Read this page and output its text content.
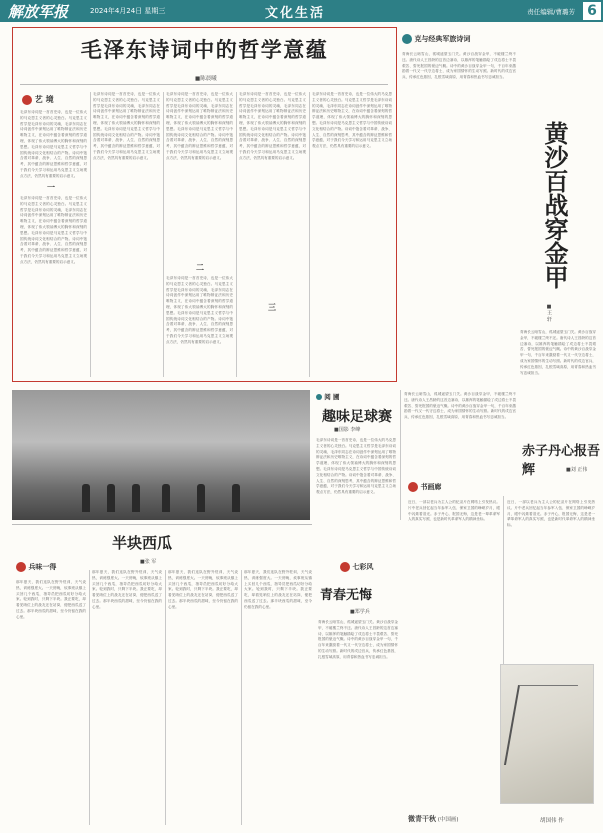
解放军报	2024年4月24日 星期三	文化生活	责任编辑/曹璐芳 6
毛泽东诗词中的哲学意蕴
■陈晨曦
艺 境
毛泽东诗词是一首首史诗，也是一位伟大的马克思主义者的心灵独白。马克思主义哲学是毛泽东诗词的灵魂，毛泽东同志在诗词创作中深刻运用了唯物辩证法和历史唯物主义，在诗词中蕴含着深刻的哲学道理，体现了伟大领袖博大的胸怀和深刻的思想。毛泽东诗词是马克思主义哲学与中国传统诗词文化相结合的产物。诗词中饱含着对革命、战争、人生、自然的深刻思考，其中蕴含的辩证思维和哲学意蕴，对于我们今天学习和运用马克思主义立场观点方法，仍然具有重要的启示意义。
一
毛泽东诗词是一首首史诗，也是一位伟大的马克思主义者的心灵独白。马克思主义哲学是毛泽东诗词的灵魂，毛泽东同志在诗词创作中深刻运用了唯物辩证法和历史唯物主义，在诗词中蕴含着深刻的哲学道理，体现了伟大领袖博大的胸怀和深刻的思想。毛泽东诗词是马克思主义哲学与中国传统诗词文化相结合的产物。诗词中饱含着对革命、战争、人生、自然的深刻思考，其中蕴含的辩证思维和哲学意蕴，对于我们今天学习和运用马克思主义立场观点方法，仍然具有重要的启示意义。
毛泽东诗词是一首首史诗，也是一位伟大的马克思主义者的心灵独白。马克思主义哲学是毛泽东诗词的灵魂，毛泽东同志在诗词创作中深刻运用了唯物辩证法和历史唯物主义，在诗词中蕴含着深刻的哲学道理，体现了伟大领袖博大的胸怀和深刻的思想。毛泽东诗词是马克思主义哲学与中国传统诗词文化相结合的产物。诗词中饱含着对革命、战争、人生、自然的深刻思考，其中蕴含的辩证思维和哲学意蕴，对于我们今天学习和运用马克思主义立场观点方法，仍然具有重要的启示意义。
毛泽东诗词是一首首史诗，也是一位伟大的马克思主义者的心灵独白。马克思主义哲学是毛泽东诗词的灵魂，毛泽东同志在诗词创作中深刻运用了唯物辩证法和历史唯物主义，在诗词中蕴含着深刻的哲学道理，体现了伟大领袖博大的胸怀和深刻的思想。毛泽东诗词是马克思主义哲学与中国传统诗词文化相结合的产物。诗词中饱含着对革命、战争、人生、自然的深刻思考，其中蕴含的辩证思维和哲学意蕴，对于我们今天学习和运用马克思主义立场观点方法，仍然具有重要的启示意义。
二
毛泽东诗词是一首首史诗，也是一位伟大的马克思主义者的心灵独白。马克思主义哲学是毛泽东诗词的灵魂，毛泽东同志在诗词创作中深刻运用了唯物辩证法和历史唯物主义，在诗词中蕴含着深刻的哲学道理，体现了伟大领袖博大的胸怀和深刻的思想。毛泽东诗词是马克思主义哲学与中国传统诗词文化相结合的产物。诗词中饱含着对革命、战争、人生、自然的深刻思考，其中蕴含的辩证思维和哲学意蕴，对于我们今天学习和运用马克思主义立场观点方法，仍然具有重要的启示意义。
毛泽东诗词是一首首史诗，也是一位伟大的马克思主义者的心灵独白。马克思主义哲学是毛泽东诗词的灵魂，毛泽东同志在诗词创作中深刻运用了唯物辩证法和历史唯物主义，在诗词中蕴含着深刻的哲学道理，体现了伟大领袖博大的胸怀和深刻的思想。毛泽东诗词是马克思主义哲学与中国传统诗词文化相结合的产物。诗词中饱含着对革命、战争、人生、自然的深刻思考，其中蕴含的辩证思维和哲学意蕴，对于我们今天学习和运用马克思主义立场观点方法，仍然具有重要的启示意义。
三
毛泽东诗词是一首首史诗，也是一位伟大的马克思主义者的心灵独白。马克思主义哲学是毛泽东诗词的灵魂，毛泽东同志在诗词创作中深刻运用了唯物辩证法和历史唯物主义，在诗词中蕴含着深刻的哲学道理，体现了伟大领袖博大的胸怀和深刻的思想。毛泽东诗词是马克思主义哲学与中国传统诗词文化相结合的产物。诗词中饱含着对革命、战争、人生、自然的深刻思考，其中蕴含的辩证思维和哲学意蕴，对于我们今天学习和运用马克思主义立场观点方法，仍然具有重要的启示意义。
克与经典军旅诗词
青海长云暗雪山，孤城遥望玉门关。黄沙百战穿金甲，不破楼兰终不还。唐代诗人王昌龄的这首边塞诗，以雄浑的笔触描绘了戍边将士不畏艰苦、誓死报国的豪迈气概。诗中的黄沙百战穿金甲一句，千百年来激励着一代又一代守边将士，成为家国情怀的生动写照。新时代的戍边官兵，传承红色基因，扎根雪域高原，用青春和热血书写忠诚担当。
黄沙百战穿金甲
■王 轩
青海长云暗雪山，孤城遥望玉门关。黄沙百战穿金甲，不破楼兰终不还。唐代诗人王昌龄的这首边塞诗，以雄浑的笔触描绘了戍边将士不畏艰苦、誓死报国的豪迈气概。诗中的黄沙百战穿金甲一句，千百年来激励着一代又一代守边将士，成为家国情怀的生动写照。新时代的戍边官兵，传承红色基因，扎根雪域高原，用青春和热血书写忠诚担当。
阅 圃
趣味足球赛
■国影 李峰
毛泽东诗词是一首首史诗，也是一位伟大的马克思主义者的心灵独白。马克思主义哲学是毛泽东诗词的灵魂，毛泽东同志在诗词创作中深刻运用了唯物辩证法和历史唯物主义，在诗词中蕴含着深刻的哲学道理，体现了伟大领袖博大的胸怀和深刻的思想。毛泽东诗词是马克思主义哲学与中国传统诗词文化相结合的产物。诗词中饱含着对革命、战争、人生、自然的深刻思考，其中蕴含的辩证思维和哲学意蕴，对于我们今天学习和运用马克思主义立场观点方法，仍然具有重要的启示意义。
青海长云暗雪山，孤城遥望玉门关。黄沙百战穿金甲，不破楼兰终不还。唐代诗人王昌龄的这首边塞诗，以雄浑的笔触描绘了戍边将士不畏艰苦、誓死报国的豪迈气概。诗中的黄沙百战穿金甲一句，千百年来激励着一代又一代守边将士，成为家国情怀的生动写照。新时代的戍边官兵，传承红色基因，扎根雪域高原，用青春和热血书写忠诚担当。
赤子丹心报吾辉	■刘 正伟
书画廊
近日，一部以老兵为主人公的纪录片在网络上引发热议。片中老兵回忆起当年参军入伍、保家卫国的峥嵘岁月，眼中闪烁着泪光。赤子丹心，报国无悔，这是老一辈革命军人的真实写照，也是新时代革命军人的精神坐标。
近日，一部以老兵为主人公的纪录片在网络上引发热议。片中老兵回忆起当年参军入伍、保家卫国的峥嵘岁月，眼中闪烁着泪光。赤子丹心，报国无悔，这是老一辈革命军人的真实写照，也是新时代革命军人的精神坐标。
半块西瓜
■张 军
兵味一得
那年夏天，我们连队在野外驻训，天气炎热，训练强度大。一天傍晚，炊事班从镇上买回几个西瓜，指导员把西瓜切好分给大家。轮到我时，只剩下半块。我正要吃，却看见哨位上的战友还在站岗，便把西瓜送了过去。那半块西瓜的甜味，至今仍留在我的心里。
那年夏天，我们连队在野外驻训，天气炎热，训练强度大。一天傍晚，炊事班从镇上买回几个西瓜，指导员把西瓜切好分给大家。轮到我时，只剩下半块。我正要吃，却看见哨位上的战友还在站岗，便把西瓜送了过去。那半块西瓜的甜味，至今仍留在我的心里。
那年夏天，我们连队在野外驻训，天气炎热，训练强度大。一天傍晚，炊事班从镇上买回几个西瓜，指导员把西瓜切好分给大家。轮到我时，只剩下半块。我正要吃，却看见哨位上的战友还在站岗，便把西瓜送了过去。那半块西瓜的甜味，至今仍留在我的心里。
那年夏天，我们连队在野外驻训，天气炎热，训练强度大。一天傍晚，炊事班从镇上买回几个西瓜，指导员把西瓜切好分给大家。轮到我时，只剩下半块。我正要吃，却看见哨位上的战友还在站岗，便把西瓜送了过去。那半块西瓜的甜味，至今仍留在我的心里。
七彩风
青春无悔
■郑学兵
青海长云暗雪山，孤城遥望玉门关。黄沙百战穿金甲，不破楼兰终不还。唐代诗人王昌龄的这首边塞诗，以雄浑的笔触描绘了戍边将士不畏艰苦、誓死报国的豪迈气概。诗中的黄沙百战穿金甲一句，千百年来激励着一代又一代守边将士，成为家国情怀的生动写照。新时代的戍边官兵，传承红色基因，扎根雪域高原，用青春和热血书写忠诚担当。
微青干秋 (中国画)	胡国伟 作
